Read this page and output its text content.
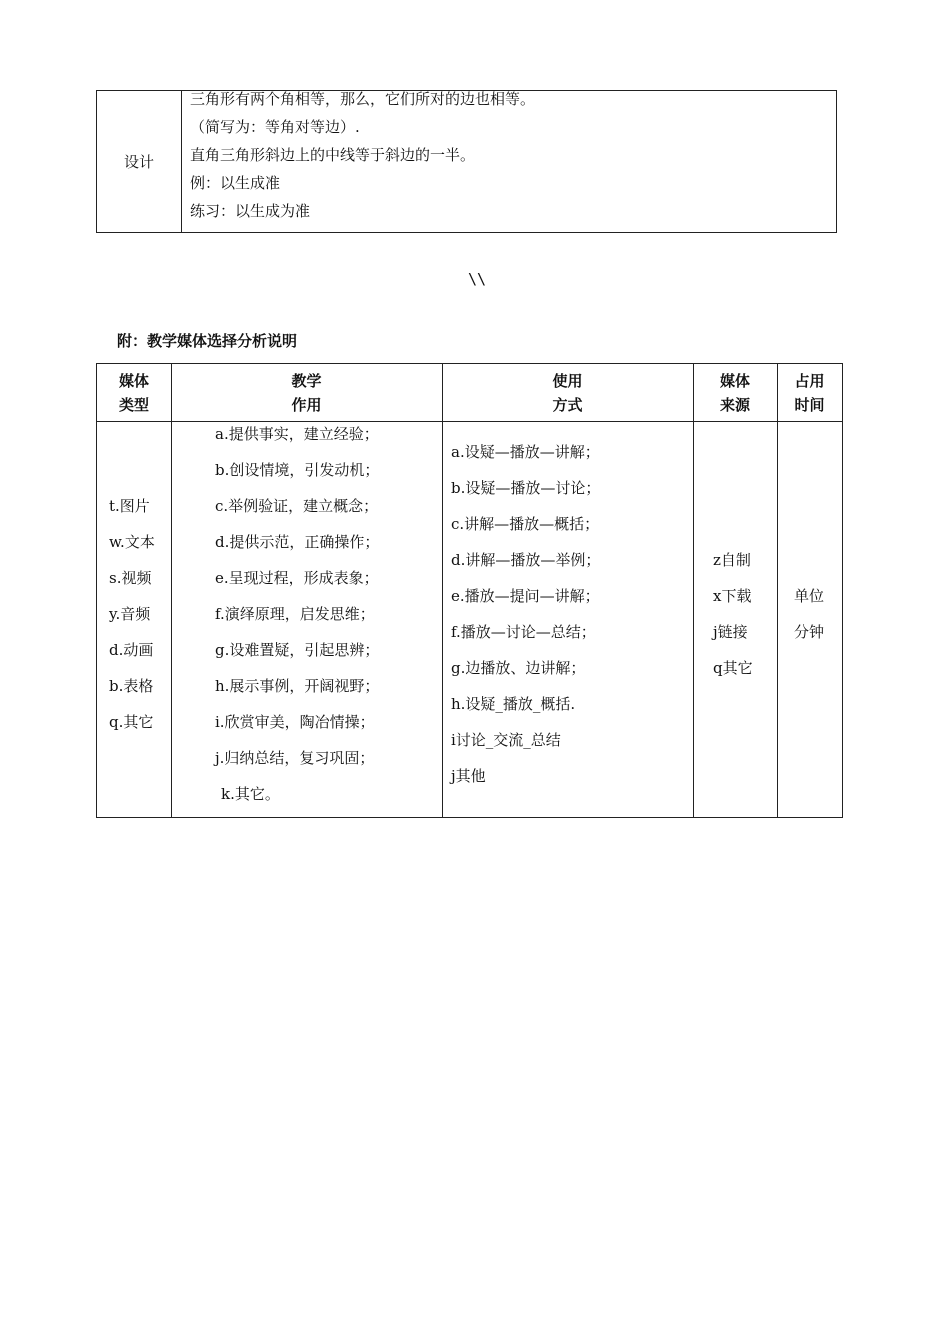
设计
三角形有两个角相等，那么，它们所对的边也相等。
（简写为：等角对等边）.
直角三角形斜边上的中线等于斜边的一半。
例：以生成准
练习：以生成为准
\\
附：教学媒体选择分析说明
媒体
类型
教学
作用
使用
方式
媒体
来源
占用
时间
t.图片
w.文本
s.视频
y.音频
d.动画
b.表格
q.其它
a.提供事实，建立经验；
b.创设情境，引发动机；
c.举例验证，建立概念；
d.提供示范，正确操作；
e.呈现过程，形成表象；
f.演绎原理，启发思维；
g.设难置疑，引起思辨；
h.展示事例，开阔视野；
i.欣赏审美，陶冶情操；
j.归纳总结，复习巩固；
k.其它。
a.设疑—播放—讲解；
b.设疑—播放—讨论；
c.讲解—播放—概括；
d.讲解—播放—举例；
e.播放—提问—讲解；
f.播放—讨论—总结；
g.边播放、边讲解；
h.设疑_播放_概括.
i讨论_交流_总结
j其他
z自制
x下载
j链接
q其它
单位
分钟
